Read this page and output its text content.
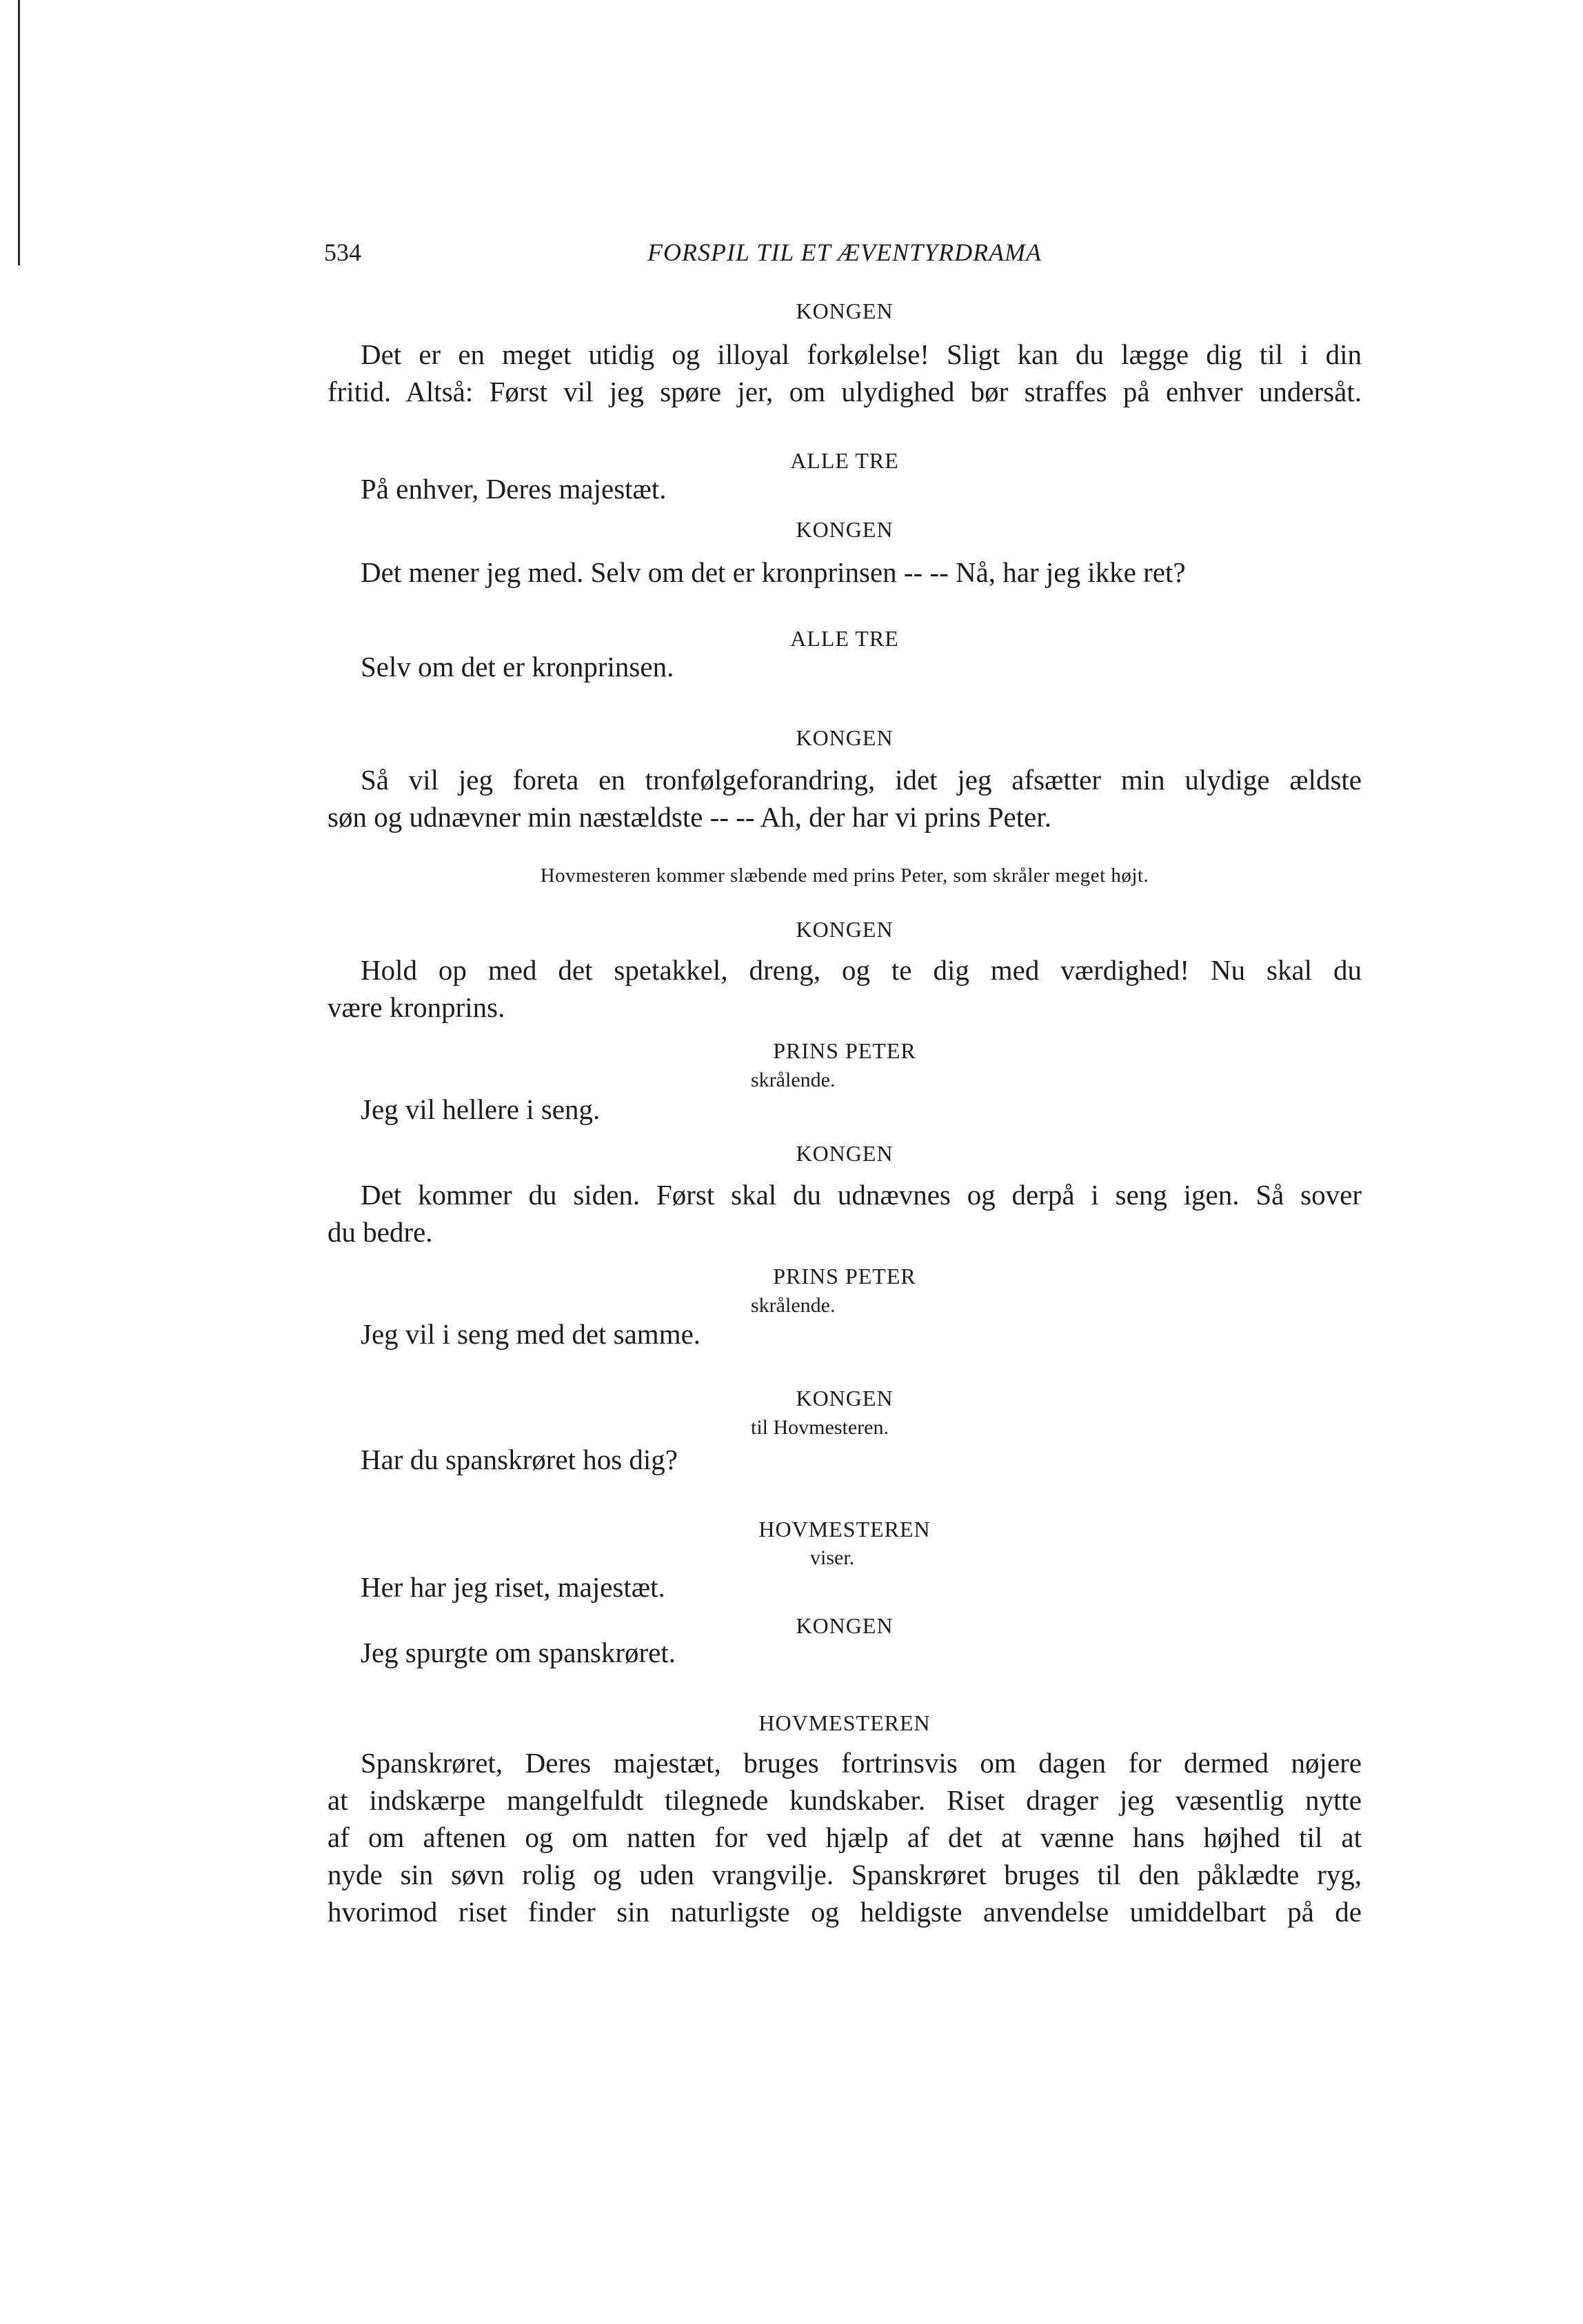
534	FORSPIL TIL ET ÆVENTYRDRAMA
KONGEN
Det er en meget utidig og illoyal forkølelse! Sligt kan du lægge dig til i din
fritid. Altså: Først vil jeg spøre jer, om ulydighed bør straffes på enhver undersåt.
ALLE TRE
På enhver, Deres majestæt.
KONGEN
Det mener jeg med. Selv om det er kronprinsen -- -- Nå, har jeg ikke ret?
ALLE TRE
Selv om det er kronprinsen.
KONGEN
Så vil jeg foreta en tronfølgeforandring, idet jeg afsætter min ulydige ældste
søn og udnævner min næstældste -- -- Ah, der har vi prins Peter.
Hovmesteren kommer slæbende med prins Peter, som skråler meget højt.
KONGEN
Hold op med det spetakkel, dreng, og te dig med værdighed! Nu skal du
være kronprins.
PRINS PETER
skrålende.
Jeg vil hellere i seng.
KONGEN
Det kommer du siden. Først skal du udnævnes og derpå i seng igen. Så sover
du bedre.
PRINS PETER
skrålende.
Jeg vil i seng med det samme.
KONGEN
til Hovmesteren.
Har du spanskrøret hos dig?
HOVMESTEREN
viser.
Her har jeg riset, majestæt.
KONGEN
Jeg spurgte om spanskrøret.
HOVMESTEREN
Spanskrøret, Deres majestæt, bruges fortrinsvis om dagen for dermed nøjere
at indskærpe mangelfuldt tilegnede kundskaber. Riset drager jeg væsentlig nytte
af om aftenen og om natten for ved hjælp af det at vænne hans højhed til at
nyde sin søvn rolig og uden vrangvilje. Spanskrøret bruges til den påklædte ryg,
hvorimod riset finder sin naturligste og heldigste anvendelse umiddelbart på de
